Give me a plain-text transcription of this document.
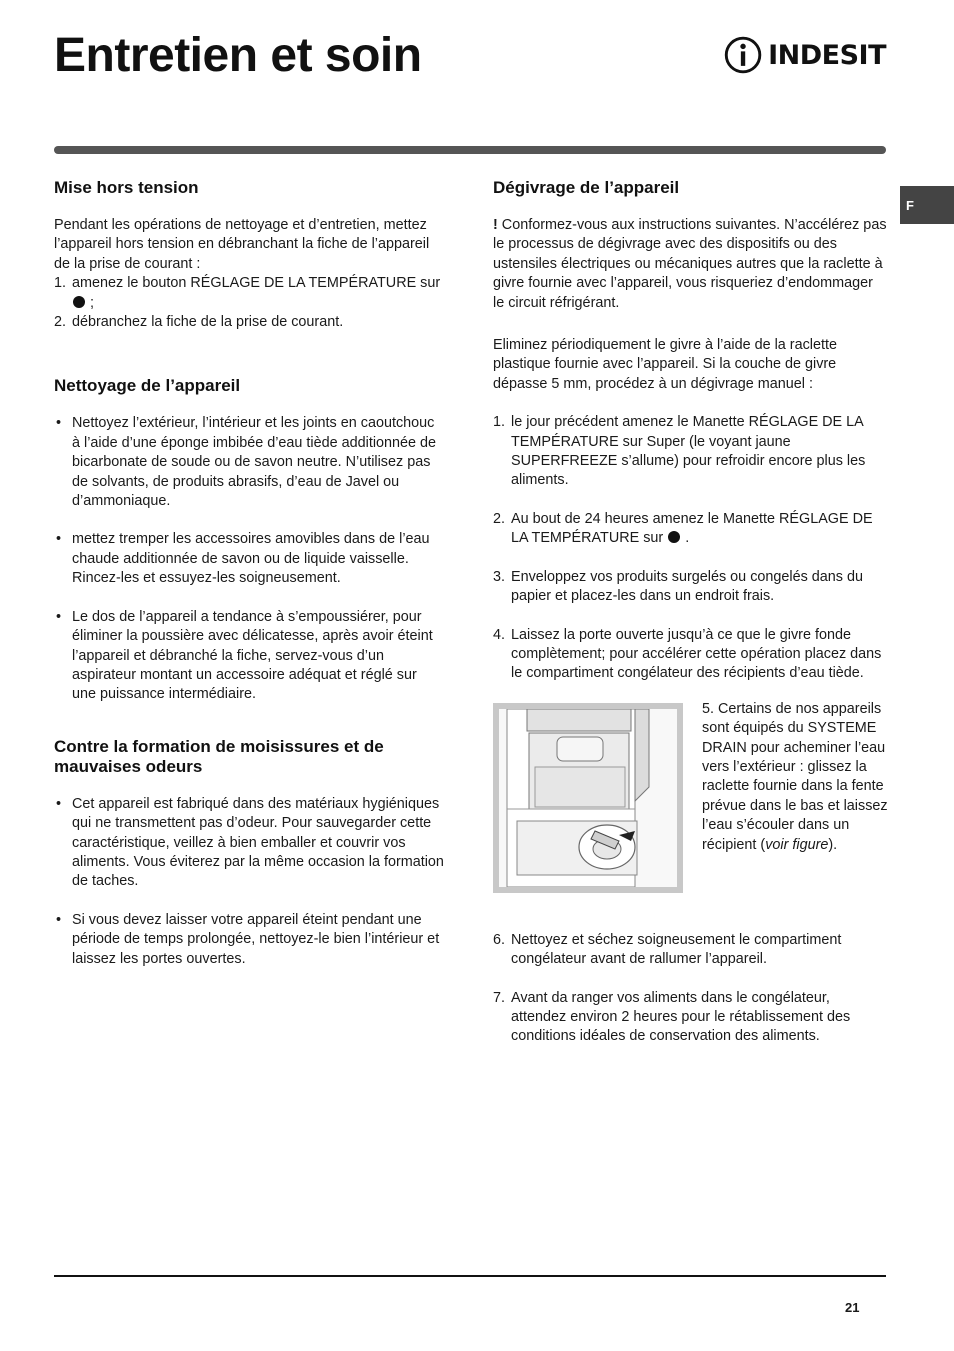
Entretien et soin	INDESIT
F
Mise hors tension

Pendant les opérations de nettoyage et d’entretien, mettez l’appareil hors tension en débranchant la fiche de l’appareil de la prise de courant :

1. amenez le bouton RÉGLAGE DE LA TEMPÉRATURE sur  ;
2. débranchez la fiche de la prise de courant.
Nettoyage de l’appareil

• Nettoyez l’extérieur, l’intérieur et les joints en caoutchouc à l’aide d’une éponge imbibée d’eau tiède additionnée de bicarbonate de soude ou de savon neutre. N’utilisez pas de solvants, de produits abrasifs, d’eau de Javel ou d’ammoniaque.

• mettez tremper les accessoires amovibles dans de l’eau chaude additionnée de savon ou de liquide vaisselle. Rincez-les et essuyez-les soigneusement.

• Le dos de l’appareil a tendance à s’empoussiérer, pour éliminer la poussière avec délicatesse, après avoir éteint l’appareil et débranché la fiche, servez-vous d’un aspirateur montant un accessoire adéquat et réglé sur une puissance intermédiaire.

Contre la formation de moisissures et de mauvaises odeurs

• Cet appareil est fabriqué dans des matériaux hygiéniques qui ne transmettent pas d’odeur. Pour sauvegarder cette caractéristique, veillez à bien emballer et couvrir vos aliments. Vous éviterez par la même occasion la formation de taches.

• Si vous devez laisser votre appareil éteint pendant une période de temps prolongée, nettoyez-le bien l’intérieur et laissez les portes ouvertes.

Dégivrage de l’appareil

! Conformez-vous aux instructions suivantes. N’accélérez pas le processus de dégivrage avec des dispositifs ou des ustensiles électriques ou mécaniques autres que la raclette à givre fournie avec l’appareil, vous risqueriez d’endommager le circuit réfrigérant.

Eliminez périodiquement le givre à l’aide de la raclette plastique fournie avec l’appareil. Si la couche de givre dépasse 5 mm, procédez à un dégivrage manuel :

1. le jour précédent amenez le Manette RÉGLAGE DE LA TEMPÉRATURE sur Super (le voyant jaune SUPERFREEZE s’allume) pour refroidir encore plus les aliments.
2. Au bout de 24 heures amenez le Manette RÉGLAGE DE LA TEMPÉRATURE sur  .
3. Enveloppez vos produits surgelés ou congelés dans du papier et placez-les dans un endroit frais.
4. Laissez la porte ouverte jusqu’à ce que le givre fonde complètement; pour accélérer cette opération placez dans le compartiment congélateur des récipients d’eau tiède.

5. Certains de nos appareils sont équipés du SYSTEME DRAIN pour acheminer l’eau vers l’extérieur : glissez la raclette fournie dans la fente prévue dans le bas et laissez l’eau s’écouler dans un récipient (voir figure).

6. Nettoyez et séchez soigneusement le compartiment congélateur avant de rallumer l’appareil.
7. Avant da ranger vos aliments dans le congélateur, attendez environ 2 heures pour le rétablissement des conditions idéales de conservation des aliments.
21
